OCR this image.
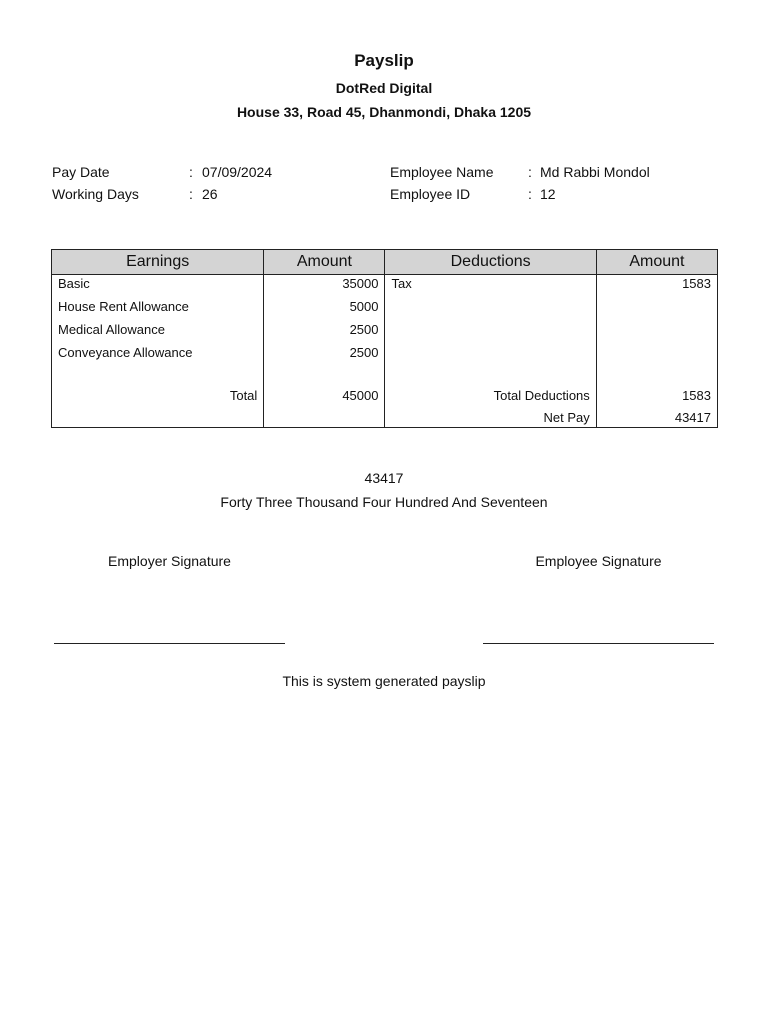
Payslip
DotRed Digital
House 33, Road 45, Dhanmondi, Dhaka 1205
Pay Date	: 07/09/2024
Working Days	: 26
Employee Name : Md Rabbi Mondol
Employee ID	: 12
Earnings	Amount	Deductions	Amount
Basic	35000	Tax	1583
House Rent Allowance	5000		
Medical Allowance	2500		
Conveyance Allowance	2500		

Total	45000	Total Deductions	1583
		Net Pay	43417
43417
Forty Three Thousand Four Hundred And Seventeen
Employer Signature	Employee Signature
This is system generated payslip
